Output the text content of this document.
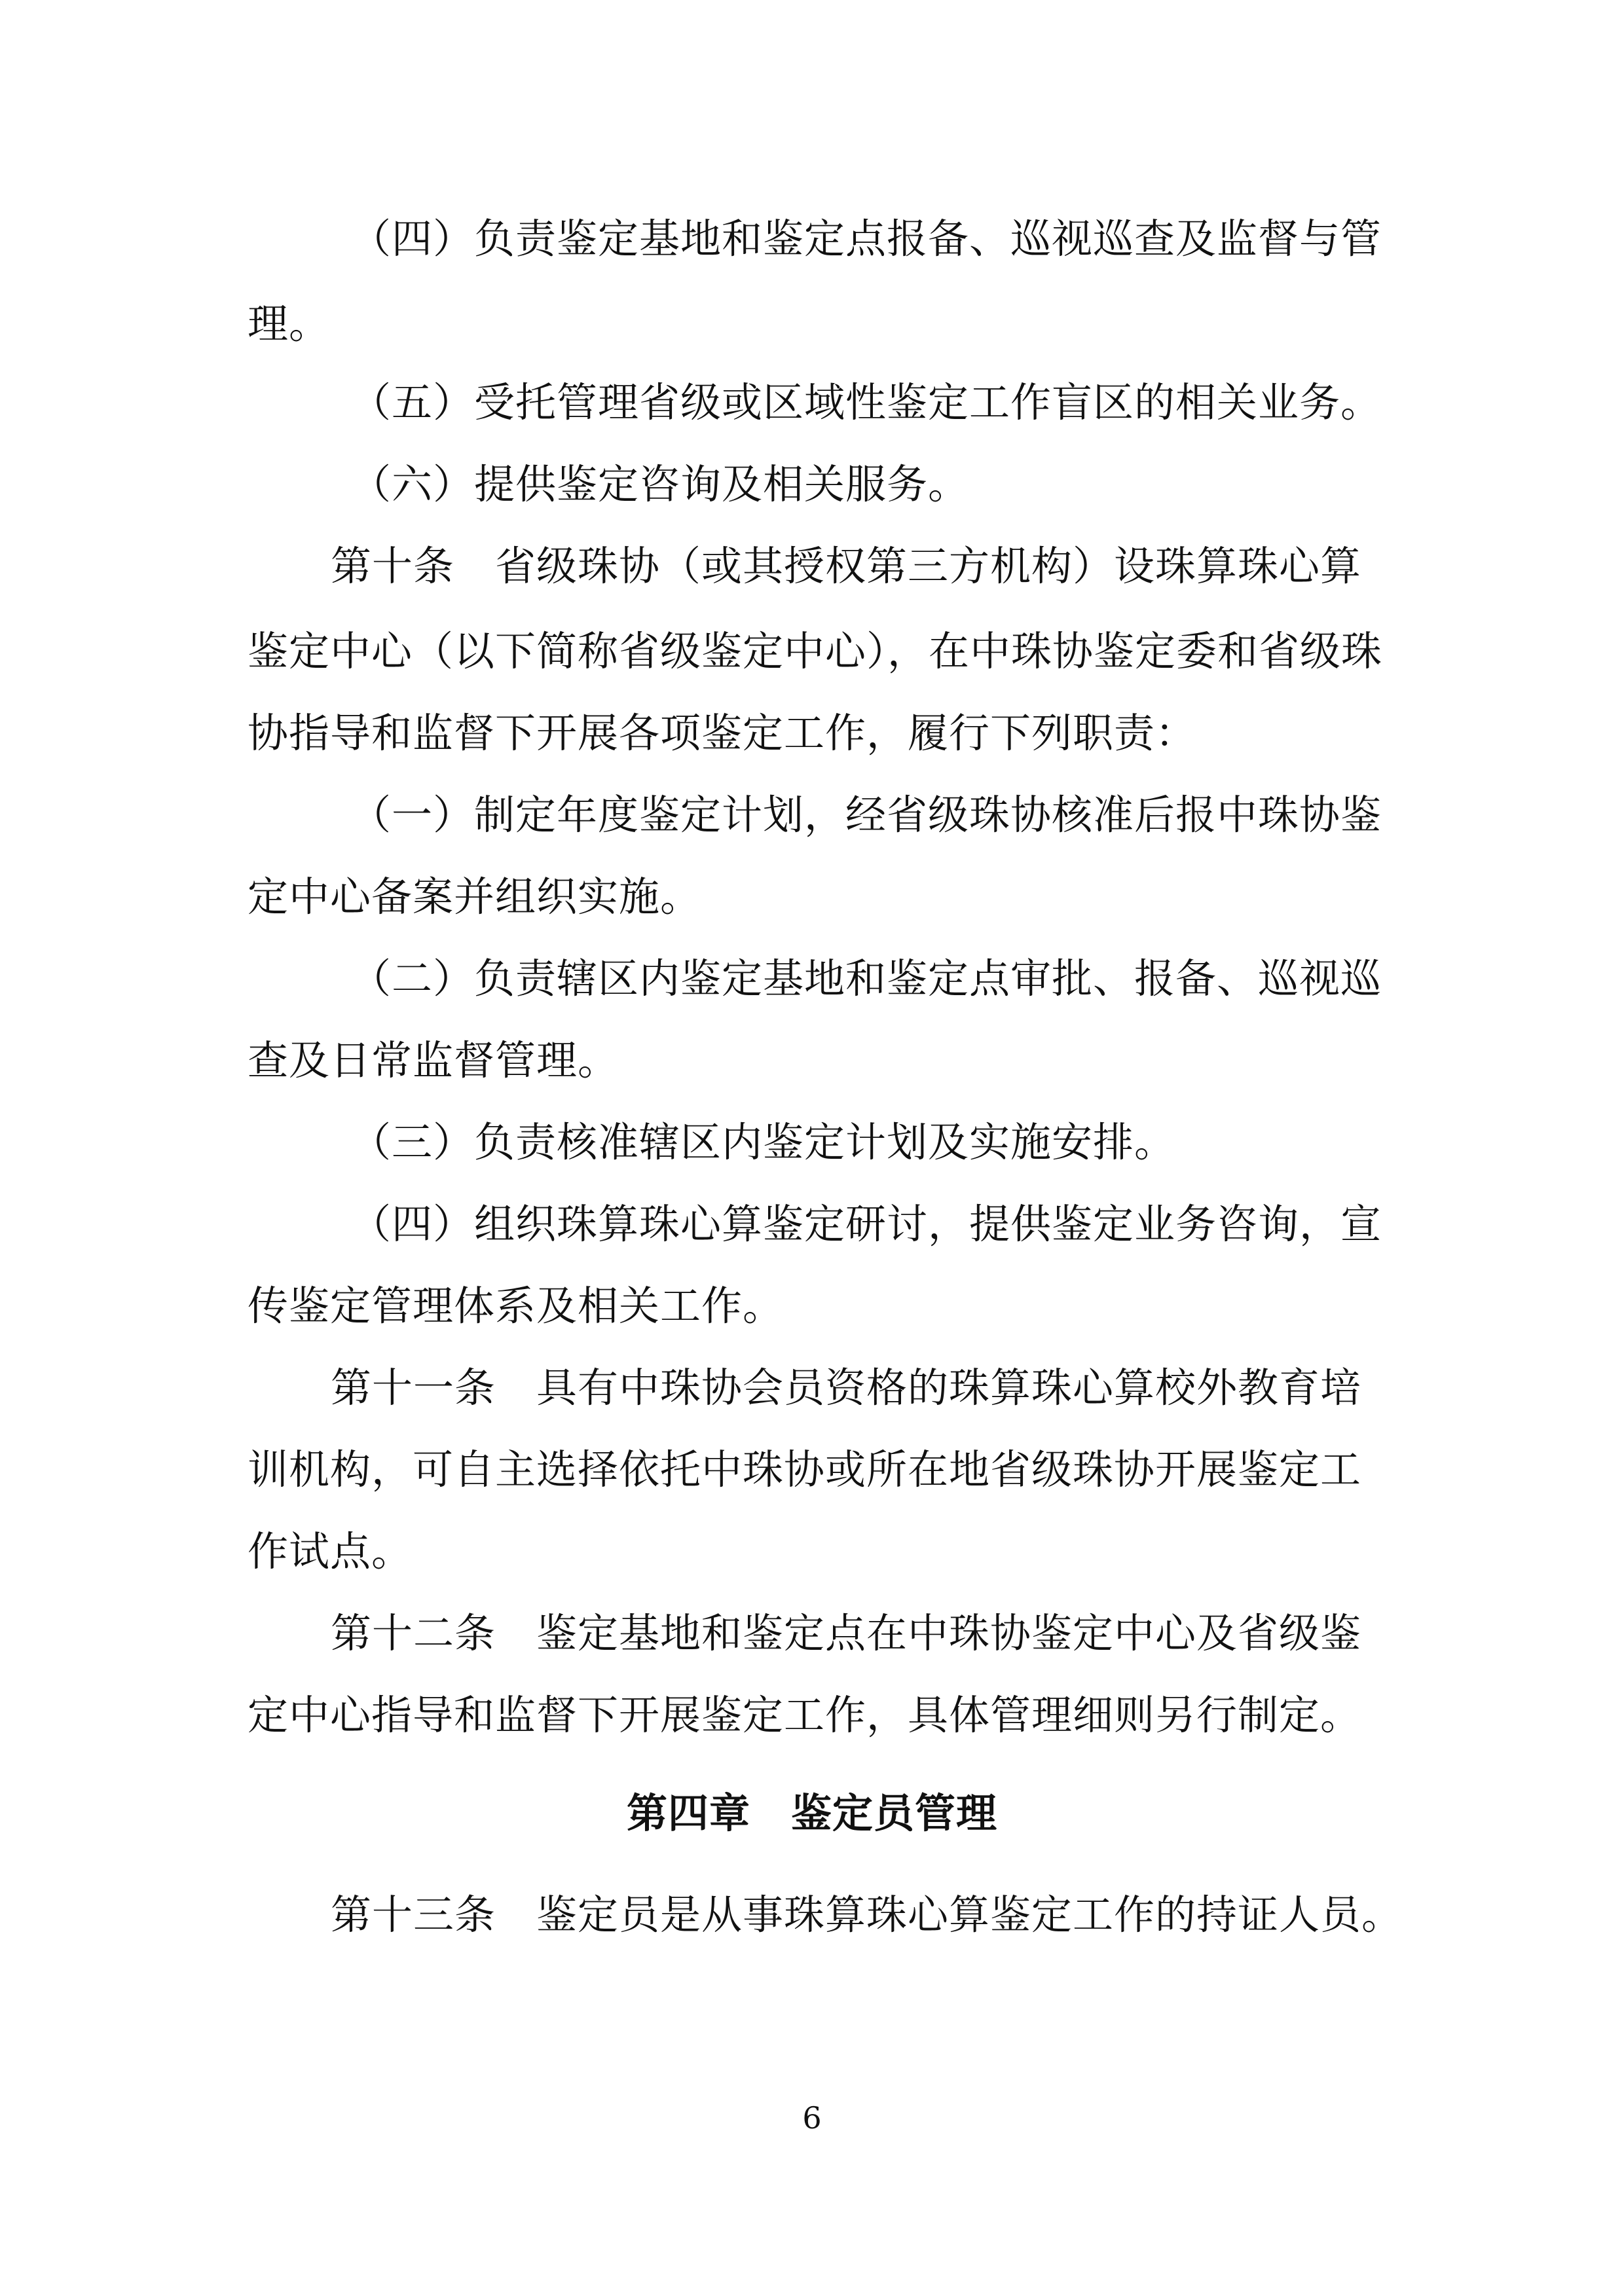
（四）负责鉴定基地和鉴定点报备、巡视巡查及监督与管
理。
（五）受托管理省级或区域性鉴定工作盲区的相关业务。
（六）提供鉴定咨询及相关服务。
第十条 省级珠协（或其授权第三方机构）设珠算珠心算
鉴定中心（以下简称省级鉴定中心），在中珠协鉴定委和省级珠
协指导和监督下开展各项鉴定工作，履行下列职责：
（一）制定年度鉴定计划，经省级珠协核准后报中珠协鉴
定中心备案并组织实施。
（二）负责辖区内鉴定基地和鉴定点审批、报备、巡视巡
查及日常监督管理。
（三）负责核准辖区内鉴定计划及实施安排。
（四）组织珠算珠心算鉴定研讨，提供鉴定业务咨询，宣
传鉴定管理体系及相关工作。
第十一条 具有中珠协会员资格的珠算珠心算校外教育培
训机构，可自主选择依托中珠协或所在地省级珠协开展鉴定工
作试点。
第十二条 鉴定基地和鉴定点在中珠协鉴定中心及省级鉴
定中心指导和监督下开展鉴定工作，具体管理细则另行制定。
第四章 鉴定员管理
第十三条 鉴定员是从事珠算珠心算鉴定工作的持证人员。
6
